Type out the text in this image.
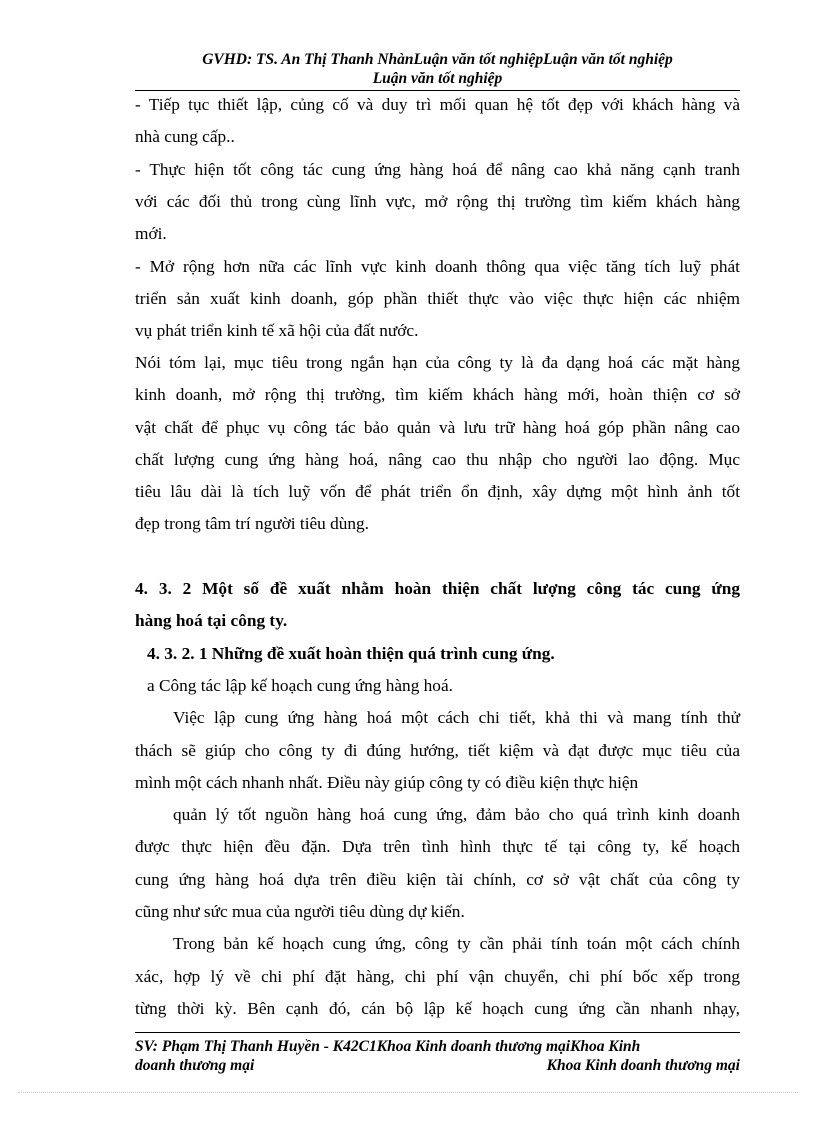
GVHD: TS. An Thị Thanh NhànLuận văn tốt nghiệpLuận văn tốt nghiệp
Luận văn tốt nghiệp
- Tiếp tục thiết lập, củng cố và duy trì mối quan hệ tốt đẹp với khách hàng và
nhà cung cấp..
- Thực hiện tốt công tác cung ứng hàng hoá để nâng cao khả năng cạnh tranh
với các đối thủ trong cùng lĩnh vực, mở rộng thị trường tìm kiếm khách hàng
mới.
- Mở rộng hơn nữa các lĩnh vực kinh doanh thông qua việc tăng tích luỹ phát
triển sản xuất kinh doanh, góp phần thiết thực vào việc thực hiện các nhiệm
vụ phát triển kinh tế xã hội của đất nước.
Nói tóm lại, mục tiêu trong ngắn hạn của công ty là đa dạng hoá các mặt hàng
kinh doanh, mở rộng thị trường, tìm kiếm khách hàng mới, hoàn thiện cơ sở
vật chất để phục vụ công tác bảo quản và lưu trữ hàng hoá góp phần nâng cao
chất lượng cung ứng hàng hoá, nâng cao thu nhập cho người lao động. Mục
tiêu lâu dài là tích luỹ vốn để phát triển ổn định, xây dựng một hình ảnh tốt
đẹp trong tâm trí người tiêu dùng.
4. 3. 2 Một số đề xuất nhằm hoàn thiện chất lượng công tác cung ứng
hàng hoá tại công ty.
4. 3. 2. 1 Những đề xuất hoàn thiện quá trình cung ứng.
a Công tác lập kế hoạch cung ứng hàng hoá.
Việc lập cung ứng hàng hoá một cách chi tiết, khả thi và mang tính thử
thách sẽ giúp cho công ty đi đúng hướng, tiết kiệm và đạt được mục tiêu của
mình một cách nhanh nhất. Điều này giúp công ty có điều kiện thực hiện
quản lý tốt nguồn hàng hoá cung ứng, đảm bảo cho quá trình kinh doanh
được thực hiện đều đặn. Dựa trên tình hình thực tế tại công ty, kế hoạch
cung ứng hàng hoá dựa trên điều kiện tài chính, cơ sở vật chất của công ty
cũng như sức mua của người tiêu dùng dự kiến.
Trong bản kế hoạch cung ứng, công ty cần phải tính toán một cách chính
xác, hợp lý về chi phí đặt hàng, chi phí vận chuyển, chi phí bốc xếp trong
từng thời kỳ. Bên cạnh đó, cán bộ lập kế hoạch cung ứng cần nhanh nhạy,
SV: Phạm Thị Thanh Huyền - K42C1Khoa Kinh doanh thương mạiKhoa Kinh
doanh thương mại	Khoa Kinh doanh thương mại
